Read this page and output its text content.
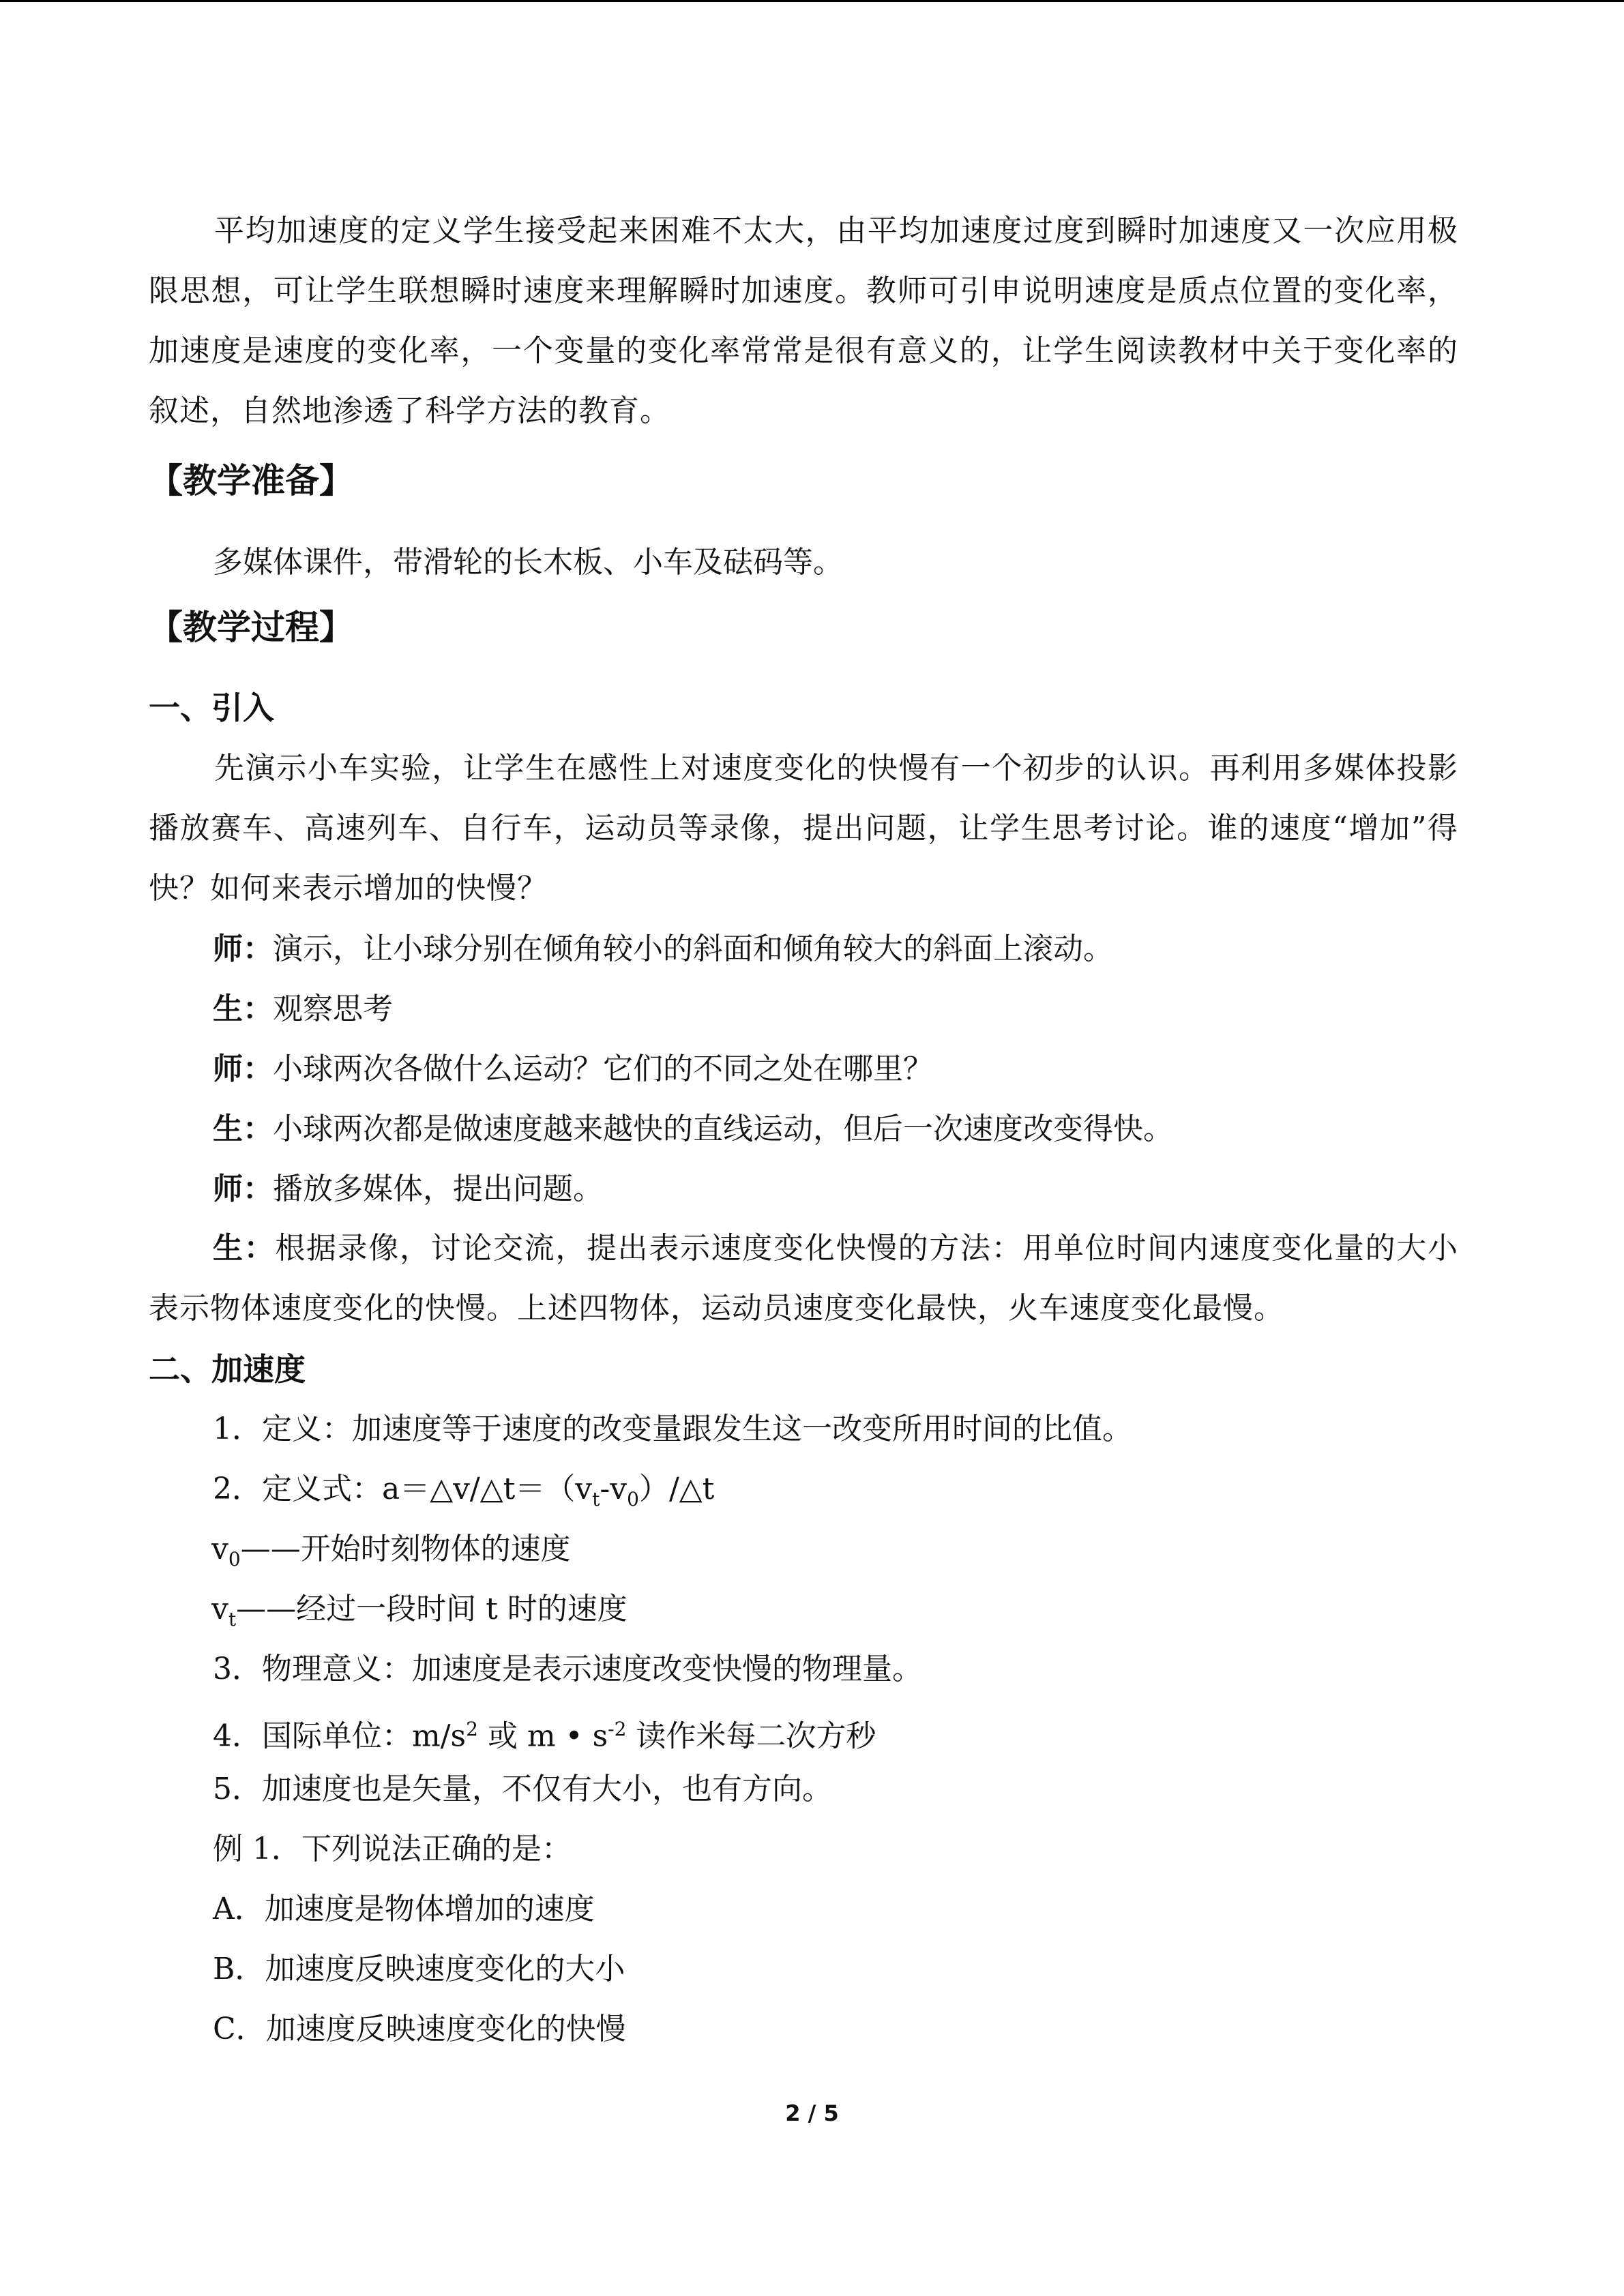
平均加速度的定义学生接受起来困难不太大，由平均加速度过度到瞬时加速度又一次应用极限思想，可让学生联想瞬时速度来理解瞬时加速度。教师可引申说明速度是质点位置的变化率，加速度是速度的变化率，一个变量的变化率常常是很有意义的，让学生阅读教材中关于变化率的叙述，自然地渗透了科学方法的教育。

【教学准备】
多媒体课件，带滑轮的长木板、小车及砝码等。
【教学过程】
一、引入

先演示小车实验，让学生在感性上对速度变化的快慢有一个初步的认识。再利用多媒体投影播放赛车、高速列车、自行车，运动员等录像，提出问题，让学生思考讨论。谁的速度“增加”得快？如何来表示增加的快慢？

师：演示，让小球分别在倾角较小的斜面和倾角较大的斜面上滚动。
生：观察思考
师：小球两次各做什么运动？它们的不同之处在哪里？
生：小球两次都是做速度越来越快的直线运动，但后一次速度改变得快。
师：播放多媒体，提出问题。

生：根据录像，讨论交流，提出表示速度变化快慢的方法：用单位时间内速度变化量的大小表示物体速度变化的快慢。上述四物体，运动员速度变化最快，火车速度变化最慢。

二、加速度
1．定义：加速度等于速度的改变量跟发生这一改变所用时间的比值。
2．定义式：$a=\triangle v/\triangle t=(v_t-v_0)/\triangle t$
$v_0——$开始时刻物体的速度
$v_t——$经过一段时间 t 时的速度
3．物理意义：加速度是表示速度改变快慢的物理量。
4．国际单位：$m/s^2$ 或 m • $s^{-2}$ 读作米每二次方秒
5．加速度也是矢量，不仅有大小，也有方向。
例 1．下列说法正确的是：
A．加速度是物体增加的速度
B．加速度反映速度变化的大小
C．加速度反映速度变化的快慢
2 / 5
